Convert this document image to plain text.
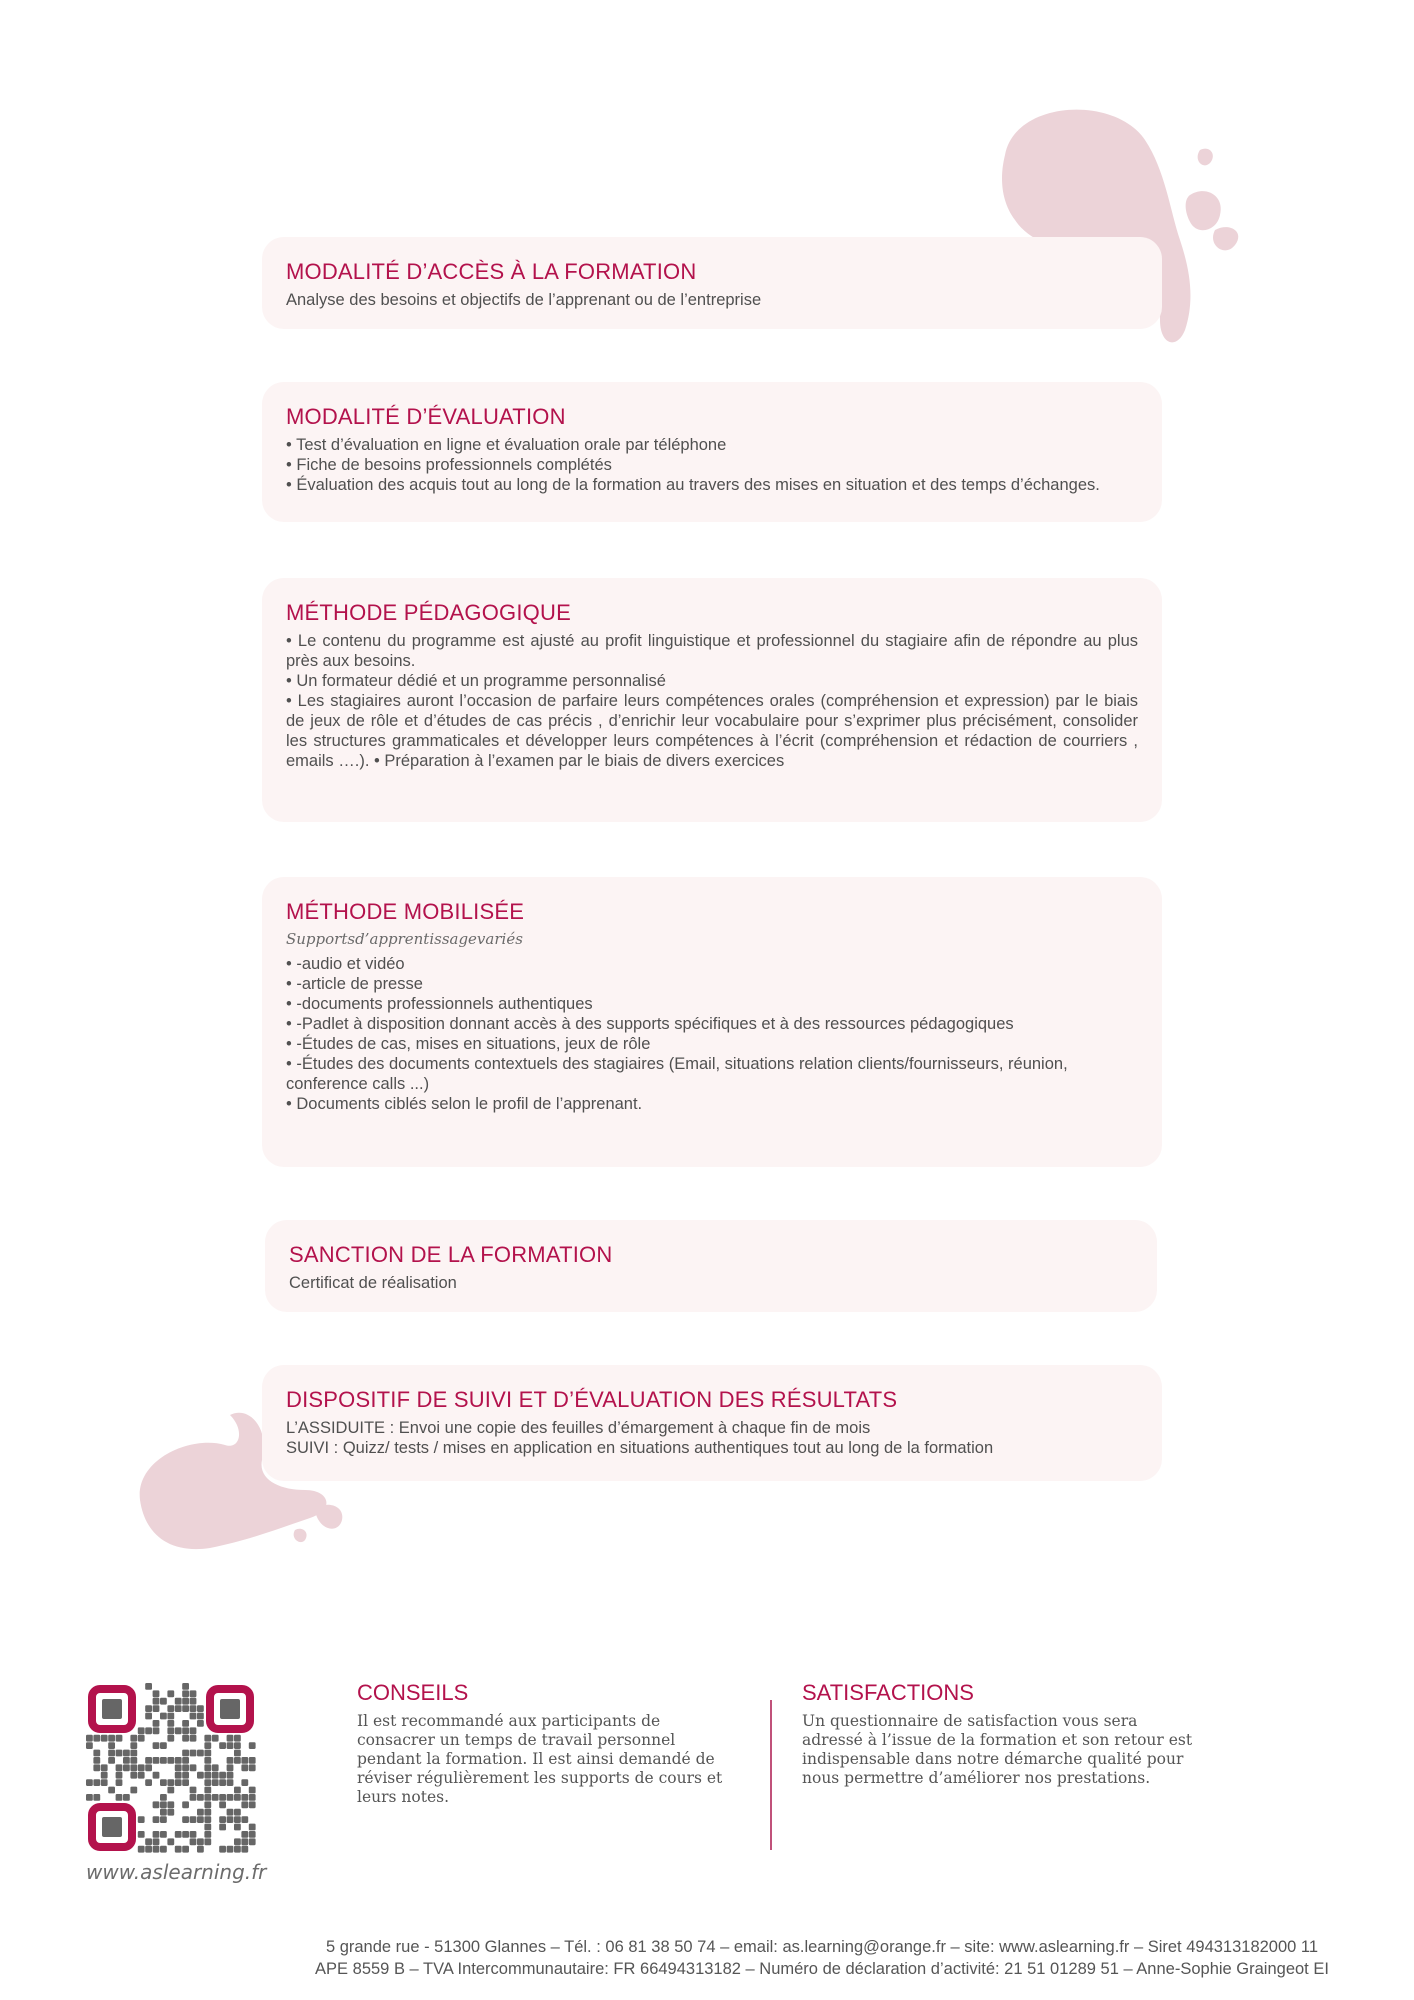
MODALITÉ D’ACCÈS À LA FORMATION

Analyse des besoins et objectifs de l’apprenant ou de l’entreprise

MODALITÉ D’ÉVALUATION
• Test d’évaluation en ligne et évaluation orale par téléphone
• Fiche de besoins professionnels complétés
• Évaluation des acquis tout au long de la formation au travers des mises en situation et des temps d’échanges.
MÉTHODE PÉDAGOGIQUE
• Le contenu du programme est ajusté au profit linguistique et professionnel du stagiaire afin de répondre au plus près aux besoins.
• Un formateur dédié et un programme personnalisé
• Les stagiaires auront l’occasion de parfaire leurs compétences orales (compréhension et expression) par le biais de jeux de rôle et d’études de cas précis , d’enrichir leur vocabulaire pour s’exprimer plus précisément, consolider les structures grammaticales et développer leurs compétences à l’écrit (compréhension et rédaction de courriers , emails ….). • Préparation à l’examen par le biais de divers exercices
MÉTHODE MOBILISÉE
Supportsd’apprentissagevariés
• -audio et vidéo
• -article de presse
• -documents professionnels authentiques
• -Padlet à disposition donnant accès à des supports spécifiques et à des ressources pédagogiques
• -Études de cas, mises en situations, jeux de rôle
• -Études des documents contextuels des stagiaires (Email, situations relation clients/fournisseurs, réunion, conference calls ...)
• Documents ciblés selon le profil de l’apprenant.
SANCTION DE LA FORMATION

Certificat de réalisation

DISPOSITIF DE SUIVI ET D’ÉVALUATION DES RÉSULTATS

L’ASSIDUITE : Envoi une copie des feuilles d’émargement à chaque fin de mois

SUIVI : Quizz/ tests / mises en application en situations authentiques tout au long de la formation

www.aslearning.fr
CONSEILS

Il est recommandé aux participants de consacrer un temps de travail personnel pendant la formation. Il est ainsi demandé de réviser régulièrement les supports de cours et leurs notes.

SATISFACTIONS

Un questionnaire de satisfaction vous sera adressé à l’issue de la formation et son retour est indispensable dans notre démarche qualité pour nous permettre d’améliorer nos prestations.

5 grande rue - 51300 Glannes – Tél. : 06 81 38 50 74 – email: as.learning@orange.fr – site: www.aslearning.fr – Siret 494313182000 11
APE 8559 B – TVA Intercommunautaire: FR 66494313182 – Numéro de déclaration d’activité: 21 51 01289 51 – Anne-Sophie Graingeot EI
